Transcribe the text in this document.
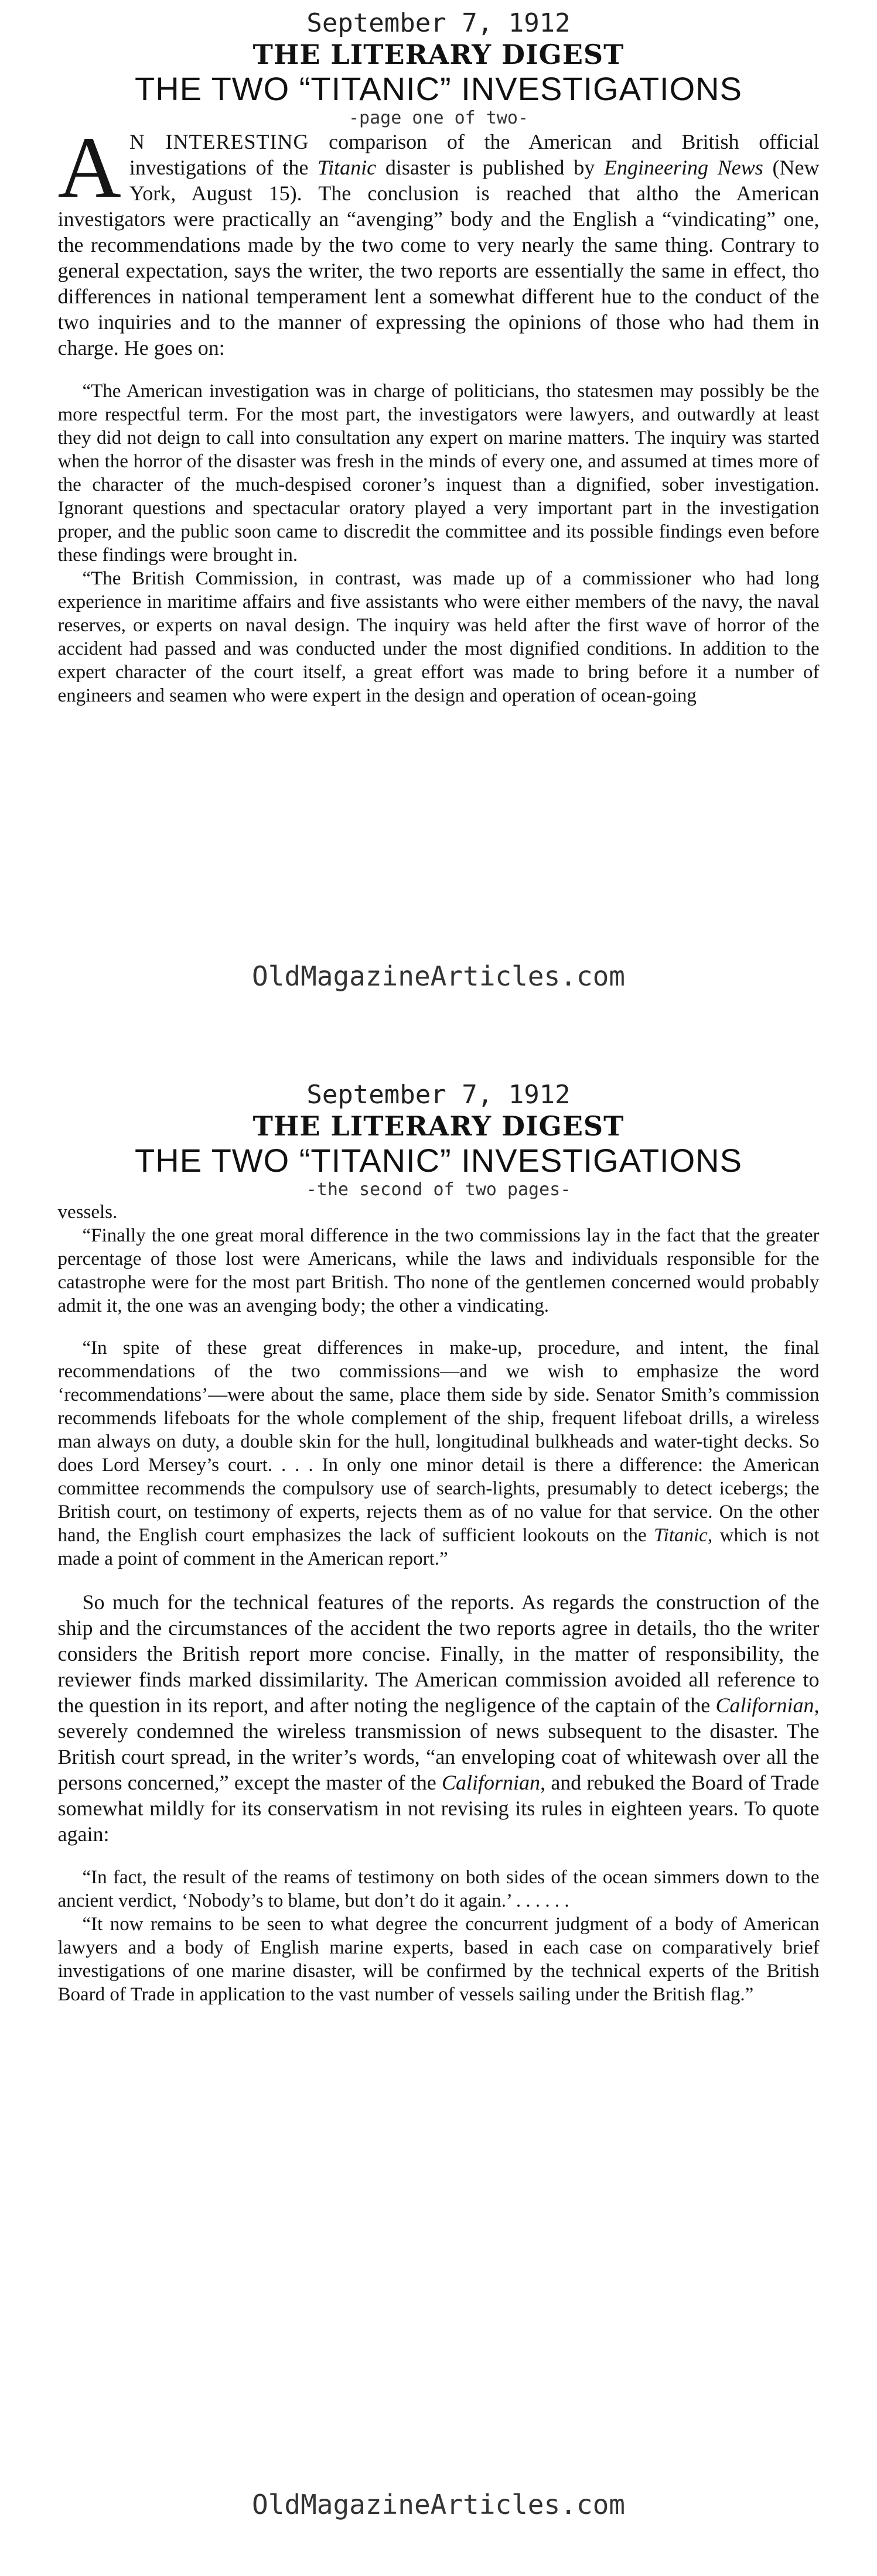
September 7, 1912
THE LITERARY DIGEST
THE TWO “TITANIC” INVESTIGATIONS
-page one of two-

A N INTERESTING comparison of the American and British official investigations of the Titanic disaster is published by Engineering News (New York, August 15). The conclusion is reached that altho the American investigators were practically an “avenging” body and the English a “vindicating” one, the recommendations made by the two come to very nearly the same thing. Contrary to general expectation, says the writer, the two reports are essentially the same in effect, tho differences in national temperament lent a somewhat different hue to the conduct of the two inquiries and to the manner of expressing the opinions of those who had them in charge. He goes on:

“The American investigation was in charge of politicians, tho statesmen may possibly be the more respectful term. For the most part, the investigators were lawyers, and outwardly at least they did not deign to call into consultation any expert on marine matters. The inquiry was started when the horror of the disaster was fresh in the minds of every one, and assumed at times more of the character of the much-despised coroner’s inquest than a dignified, sober investigation. Ignorant questions and spectacular oratory played a very important part in the investigation proper, and the public soon came to discredit the committee and its possible findings even before these findings were brought in.

“The British Commission, in contrast, was made up of a commissioner who had long experience in maritime affairs and five assistants who were either members of the navy, the naval reserves, or experts on naval design. The inquiry was held after the first wave of horror of the accident had passed and was conducted under the most dignified conditions. In addition to the expert character of the court itself, a great effort was made to bring before it a number of engineers and seamen who were expert in the design and operation of ocean-going

OldMagazineArticles.com
September 7, 1912
THE LITERARY DIGEST
THE TWO “TITANIC” INVESTIGATIONS
-the second of two pages-

vessels.

“Finally the one great moral difference in the two commissions lay in the fact that the greater percentage of those lost were Americans, while the laws and individuals responsible for the catastrophe were for the most part British. Tho none of the gentlemen concerned would probably admit it, the one was an avenging body; the other a vindicating.

“In spite of these great differences in make-up, procedure, and intent, the final recommendations of the two commissions—and we wish to emphasize the word ‘recommendations’—were about the same, place them side by side. Senator Smith’s commission recommends lifeboats for the whole complement of the ship, frequent lifeboat drills, a wireless man always on duty, a double skin for the hull, longitudinal bulkheads and water-tight decks. So does Lord Mersey’s court. . . . In only one minor detail is there a difference: the American committee recommends the compulsory use of search-lights, presumably to detect icebergs; the British court, on testimony of experts, rejects them as of no value for that service. On the other hand, the English court emphasizes the lack of sufficient lookouts on the Titanic, which is not made a point of comment in the American report.”

So much for the technical features of the reports. As regards the construction of the ship and the circumstances of the accident the two reports agree in details, tho the writer considers the British report more concise. Finally, in the matter of responsibility, the reviewer finds marked dissimilarity. The American commission avoided all reference to the question in its report, and after noting the negligence of the captain of the Californian, severely condemned the wireless transmission of news subsequent to the disaster. The British court spread, in the writer’s words, “an enveloping coat of whitewash over all the persons concerned,” except the master of the Californian, and rebuked the Board of Trade somewhat mildly for its conservatism in not revising its rules in eighteen years. To quote again:

“In fact, the result of the reams of testimony on both sides of the ocean simmers down to the ancient verdict, ‘Nobody’s to blame, but don’t do it again.’ . . . . . .

“It now remains to be seen to what degree the concurrent judgment of a body of American lawyers and a body of English marine experts, based in each case on comparatively brief investigations of one marine disaster, will be confirmed by the technical experts of the British Board of Trade in application to the vast number of vessels sailing under the British flag.”

OldMagazineArticles.com
